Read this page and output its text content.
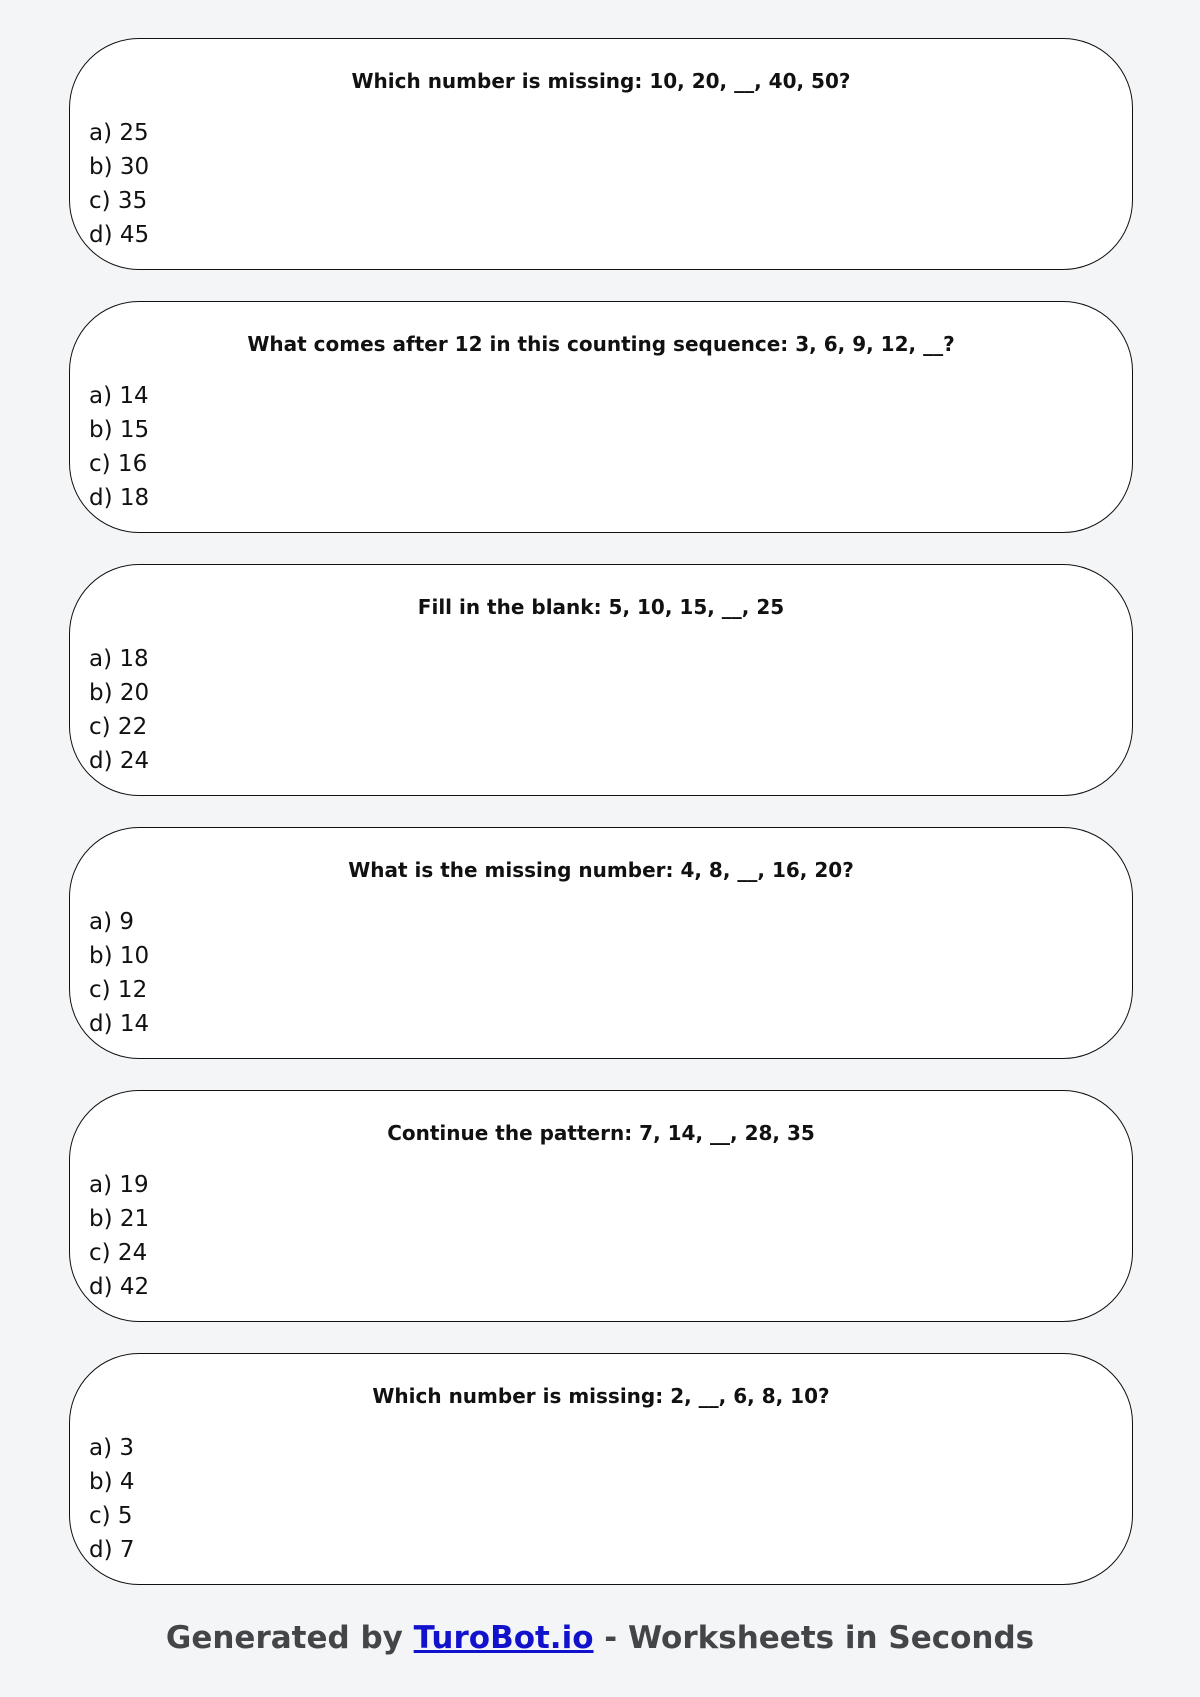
Which number is missing: 10, 20, __, 40, 50?

a) 25
b) 30
c) 35
d) 45

What comes after 12 in this counting sequence: 3, 6, 9, 12, __?

a) 14
b) 15
c) 16
d) 18

Fill in the blank: 5, 10, 15, __, 25

a) 18
b) 20
c) 22
d) 24

What is the missing number: 4, 8, __, 16, 20?

a) 9
b) 10
c) 12
d) 14

Continue the pattern: 7, 14, __, 28, 35

a) 19
b) 21
c) 24
d) 42

Which number is missing: 2, __, 6, 8, 10?

a) 3
b) 4
c) 5
d) 7
Generated by TuroBot.io - Worksheets in Seconds
